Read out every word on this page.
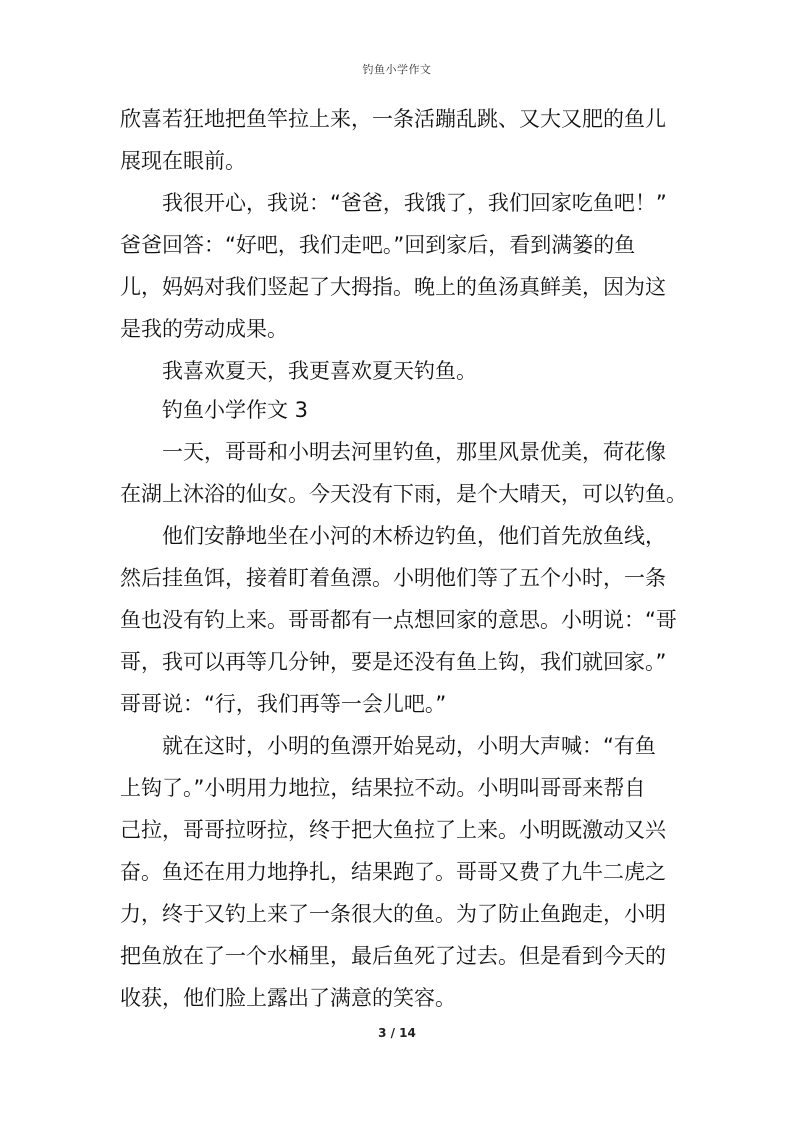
钓鱼小学作文
欣喜若狂地把鱼竿拉上来，一条活蹦乱跳、又大又肥的鱼儿
展现在眼前。
我很开心，我说：“爸爸，我饿了，我们回家吃鱼吧！”
爸爸回答：“好吧，我们走吧。”回到家后，看到满篓的鱼
儿，妈妈对我们竖起了大拇指。晚上的鱼汤真鲜美，因为这
是我的劳动成果。
我喜欢夏天，我更喜欢夏天钓鱼。
钓鱼小学作文 3
一天，哥哥和小明去河里钓鱼，那里风景优美，荷花像
在湖上沐浴的仙女。今天没有下雨，是个大晴天，可以钓鱼。
他们安静地坐在小河的木桥边钓鱼，他们首先放鱼线，
然后挂鱼饵，接着盯着鱼漂。小明他们等了五个小时，一条
鱼也没有钓上来。哥哥都有一点想回家的意思。小明说：“哥
哥，我可以再等几分钟，要是还没有鱼上钩，我们就回家。”
哥哥说：“行，我们再等一会儿吧。”
就在这时，小明的鱼漂开始晃动，小明大声喊：“有鱼
上钩了。”小明用力地拉，结果拉不动。小明叫哥哥来帮自
己拉，哥哥拉呀拉，终于把大鱼拉了上来。小明既激动又兴
奋。鱼还在用力地挣扎，结果跑了。哥哥又费了九牛二虎之
力，终于又钓上来了一条很大的鱼。为了防止鱼跑走，小明
把鱼放在了一个水桶里，最后鱼死了过去。但是看到今天的
收获，他们脸上露出了满意的笑容。
3 / 14
